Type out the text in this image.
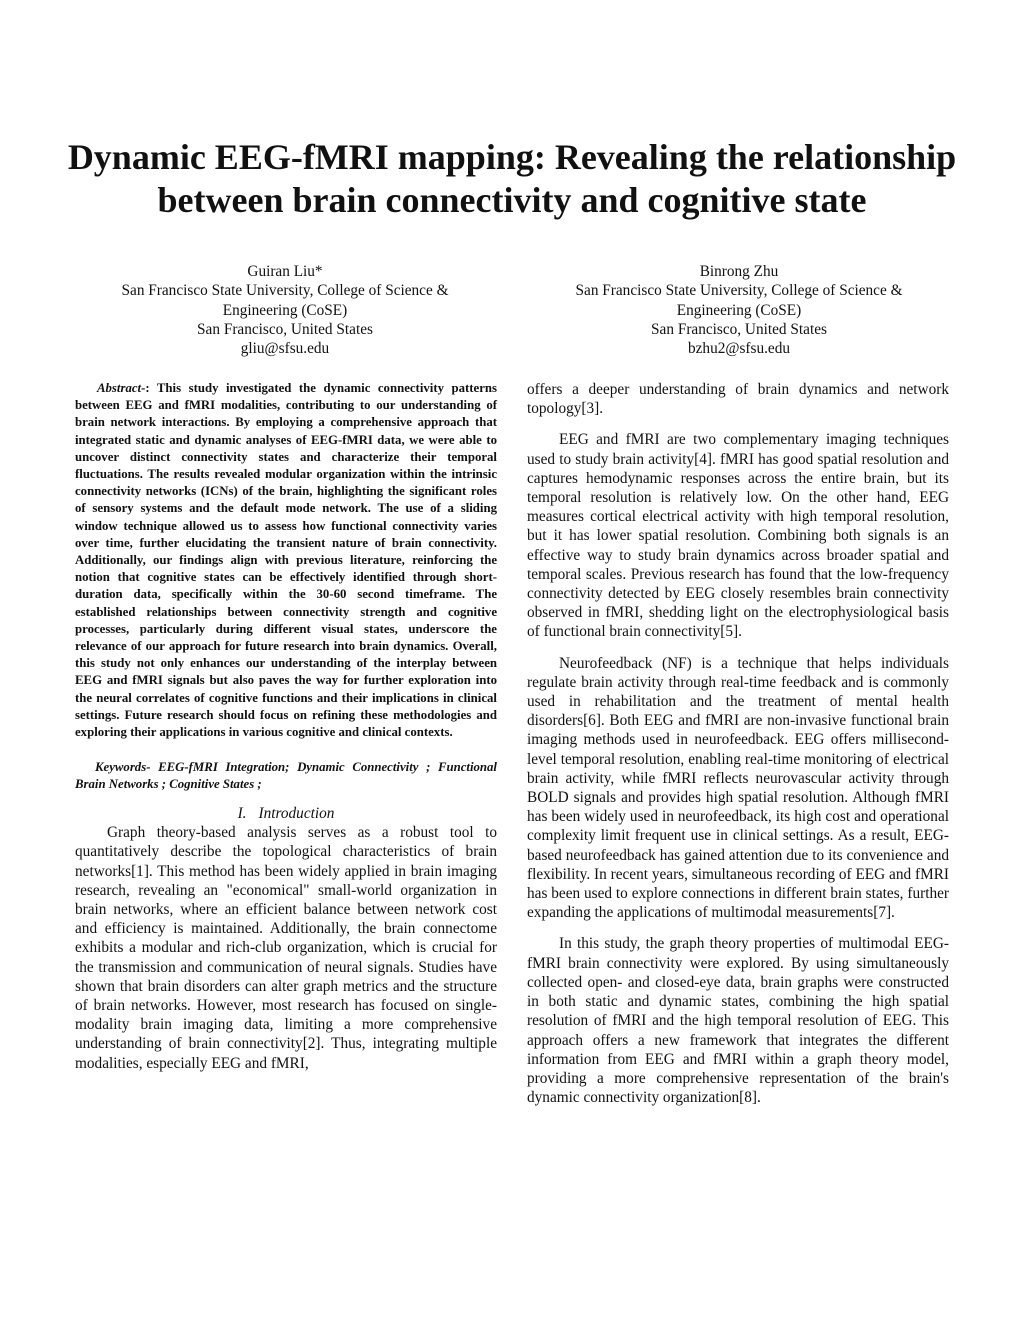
Dynamic EEG-fMRI mapping: Revealing the relationship between brain connectivity and cognitive state
Guiran Liu*
San Francisco State University, College of Science & Engineering (CoSE)
San Francisco, United States
gliu@sfsu.edu
Binrong Zhu
San Francisco State University, College of Science & Engineering (CoSE)
San Francisco, United States
bzhu2@sfsu.edu

Abstract-: This study investigated the dynamic connectivity patterns between EEG and fMRI modalities, contributing to our understanding of brain network interactions. By employing a comprehensive approach that integrated static and dynamic analyses of EEG-fMRI data, we were able to uncover distinct connectivity states and characterize their temporal fluctuations. The results revealed modular organization within the intrinsic connectivity networks (ICNs) of the brain, highlighting the significant roles of sensory systems and the default mode network. The use of a sliding window technique allowed us to assess how functional connectivity varies over time, further elucidating the transient nature of brain connectivity. Additionally, our findings align with previous literature, reinforcing the notion that cognitive states can be effectively identified through short-duration data, specifically within the 30-60 second timeframe. The established relationships between connectivity strength and cognitive processes, particularly during different visual states, underscore the relevance of our approach for future research into brain dynamics. Overall, this study not only enhances our understanding of the interplay between EEG and fMRI signals but also paves the way for further exploration into the neural correlates of cognitive functions and their implications in clinical settings. Future research should focus on refining these methodologies and exploring their applications in various cognitive and clinical contexts.

Keywords- EEG-fMRI Integration; Dynamic Connectivity ; Functional Brain Networks ; Cognitive States ;

I. Introduction

Graph theory-based analysis serves as a robust tool to quantitatively describe the topological characteristics of brain networks[1]. This method has been widely applied in brain imaging research, revealing an "economical" small-world organization in brain networks, where an efficient balance between network cost and efficiency is maintained. Additionally, the brain connectome exhibits a modular and rich-club organization, which is crucial for the transmission and communication of neural signals. Studies have shown that brain disorders can alter graph metrics and the structure of brain networks. However, most research has focused on single-modality brain imaging data, limiting a more comprehensive understanding of brain connectivity[2]. Thus, integrating multiple modalities, especially EEG and fMRI,

offers a deeper understanding of brain dynamics and network topology[3].

EEG and fMRI are two complementary imaging techniques used to study brain activity[4]. fMRI has good spatial resolution and captures hemodynamic responses across the entire brain, but its temporal resolution is relatively low. On the other hand, EEG measures cortical electrical activity with high temporal resolution, but it has lower spatial resolution. Combining both signals is an effective way to study brain dynamics across broader spatial and temporal scales. Previous research has found that the low-frequency connectivity detected by EEG closely resembles brain connectivity observed in fMRI, shedding light on the electrophysiological basis of functional brain connectivity[5].

Neurofeedback (NF) is a technique that helps individuals regulate brain activity through real-time feedback and is commonly used in rehabilitation and the treatment of mental health disorders[6]. Both EEG and fMRI are non-invasive functional brain imaging methods used in neurofeedback. EEG offers millisecond-level temporal resolution, enabling real-time monitoring of electrical brain activity, while fMRI reflects neurovascular activity through BOLD signals and provides high spatial resolution. Although fMRI has been widely used in neurofeedback, its high cost and operational complexity limit frequent use in clinical settings. As a result, EEG-based neurofeedback has gained attention due to its convenience and flexibility. In recent years, simultaneous recording of EEG and fMRI has been used to explore connections in different brain states, further expanding the applications of multimodal measurements[7].

In this study, the graph theory properties of multimodal EEG-fMRI brain connectivity were explored. By using simultaneously collected open- and closed-eye data, brain graphs were constructed in both static and dynamic states, combining the high spatial resolution of fMRI and the high temporal resolution of EEG. This approach offers a new framework that integrates the different information from EEG and fMRI within a graph theory model, providing a more comprehensive representation of the brain's dynamic connectivity organization[8].
